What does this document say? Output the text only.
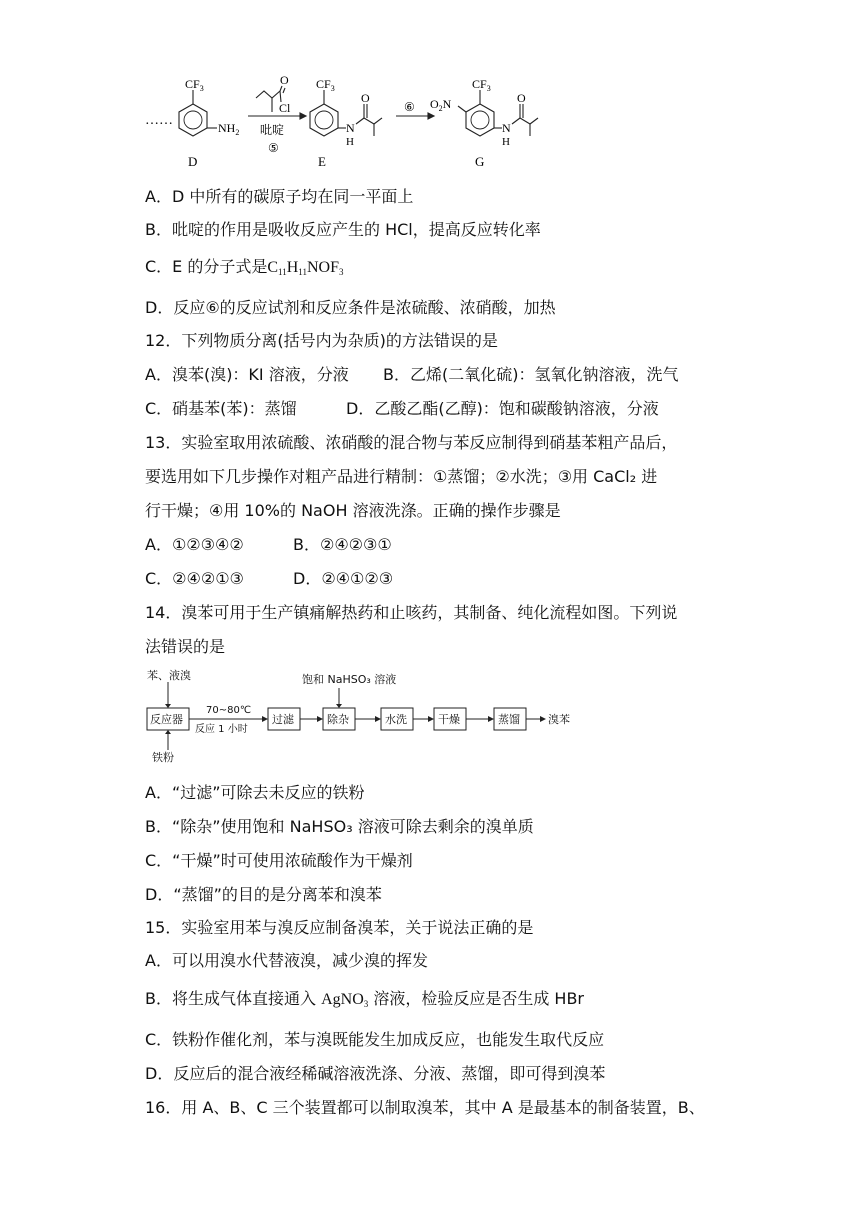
……
$CF_3$
$NH_2$
D
O
Cl
吡啶
⑤
$CF_3$
N
H
O
E
⑥ $O_2N$
$CF_3$
N
H
O
G
A．D 中所有的碳原子均在同一平面上
B．吡啶的作用是吸收反应产生的 HCl，提高反应转化率
C．E 的分子式是$C_{11}H_{11}NOF_3$
D．反应⑥的反应试剂和反应条件是浓硫酸、浓硝酸，加热
12．下列物质分离(括号内为杂质)的方法错误的是
A．溴苯(溴)：KI 溶液，分液 B．乙烯(二氧化硫)：氢氧化钠溶液，洗气
C．硝基苯(苯)：蒸馏	D．乙酸乙酯(乙醇)：饱和碳酸钠溶液，分液
13．实验室取用浓硫酸、浓硝酸的混合物与苯反应制得到硝基苯粗产品后，
要选用如下几步操作对粗产品进行精制：①蒸馏；②水洗；③用 CaCl₂ 进
行干燥；④用 10%的 NaOH 溶液洗涤。正确的操作步骤是
A．①②③④②	B．②④②③①
C．②④②①③	D．②④①②③
14．溴苯可用于生产镇痛解热药和止咳药，其制备、纯化流程如图。下列说
法错误的是
苯、液溴
铁粉
反应器
70~80℃
反应 1 小时
过滤
饱和 NaHSO₃ 溶液
除杂	水洗	干燥	蒸馏	溴苯
A．“过滤”可除去未反应的铁粉
B．“除杂”使用饱和 NaHSO₃ 溶液可除去剩余的溴单质
C．“干燥”时可使用浓硫酸作为干燥剂
D．“蒸馏”的目的是分离苯和溴苯
15．实验室用苯与溴反应制备溴苯，关于说法正确的是
A．可以用溴水代替液溴，减少溴的挥发
B．将生成气体直接通入 AgNO$_3$ 溶液，检验反应是否生成 HBr
C．铁粉作催化剂，苯与溴既能发生加成反应，也能发生取代反应
D．反应后的混合液经稀碱溶液洗涤、分液、蒸馏，即可得到溴苯
16．用 A、B、C 三个装置都可以制取溴苯，其中 A 是最基本的制备装置，B、
